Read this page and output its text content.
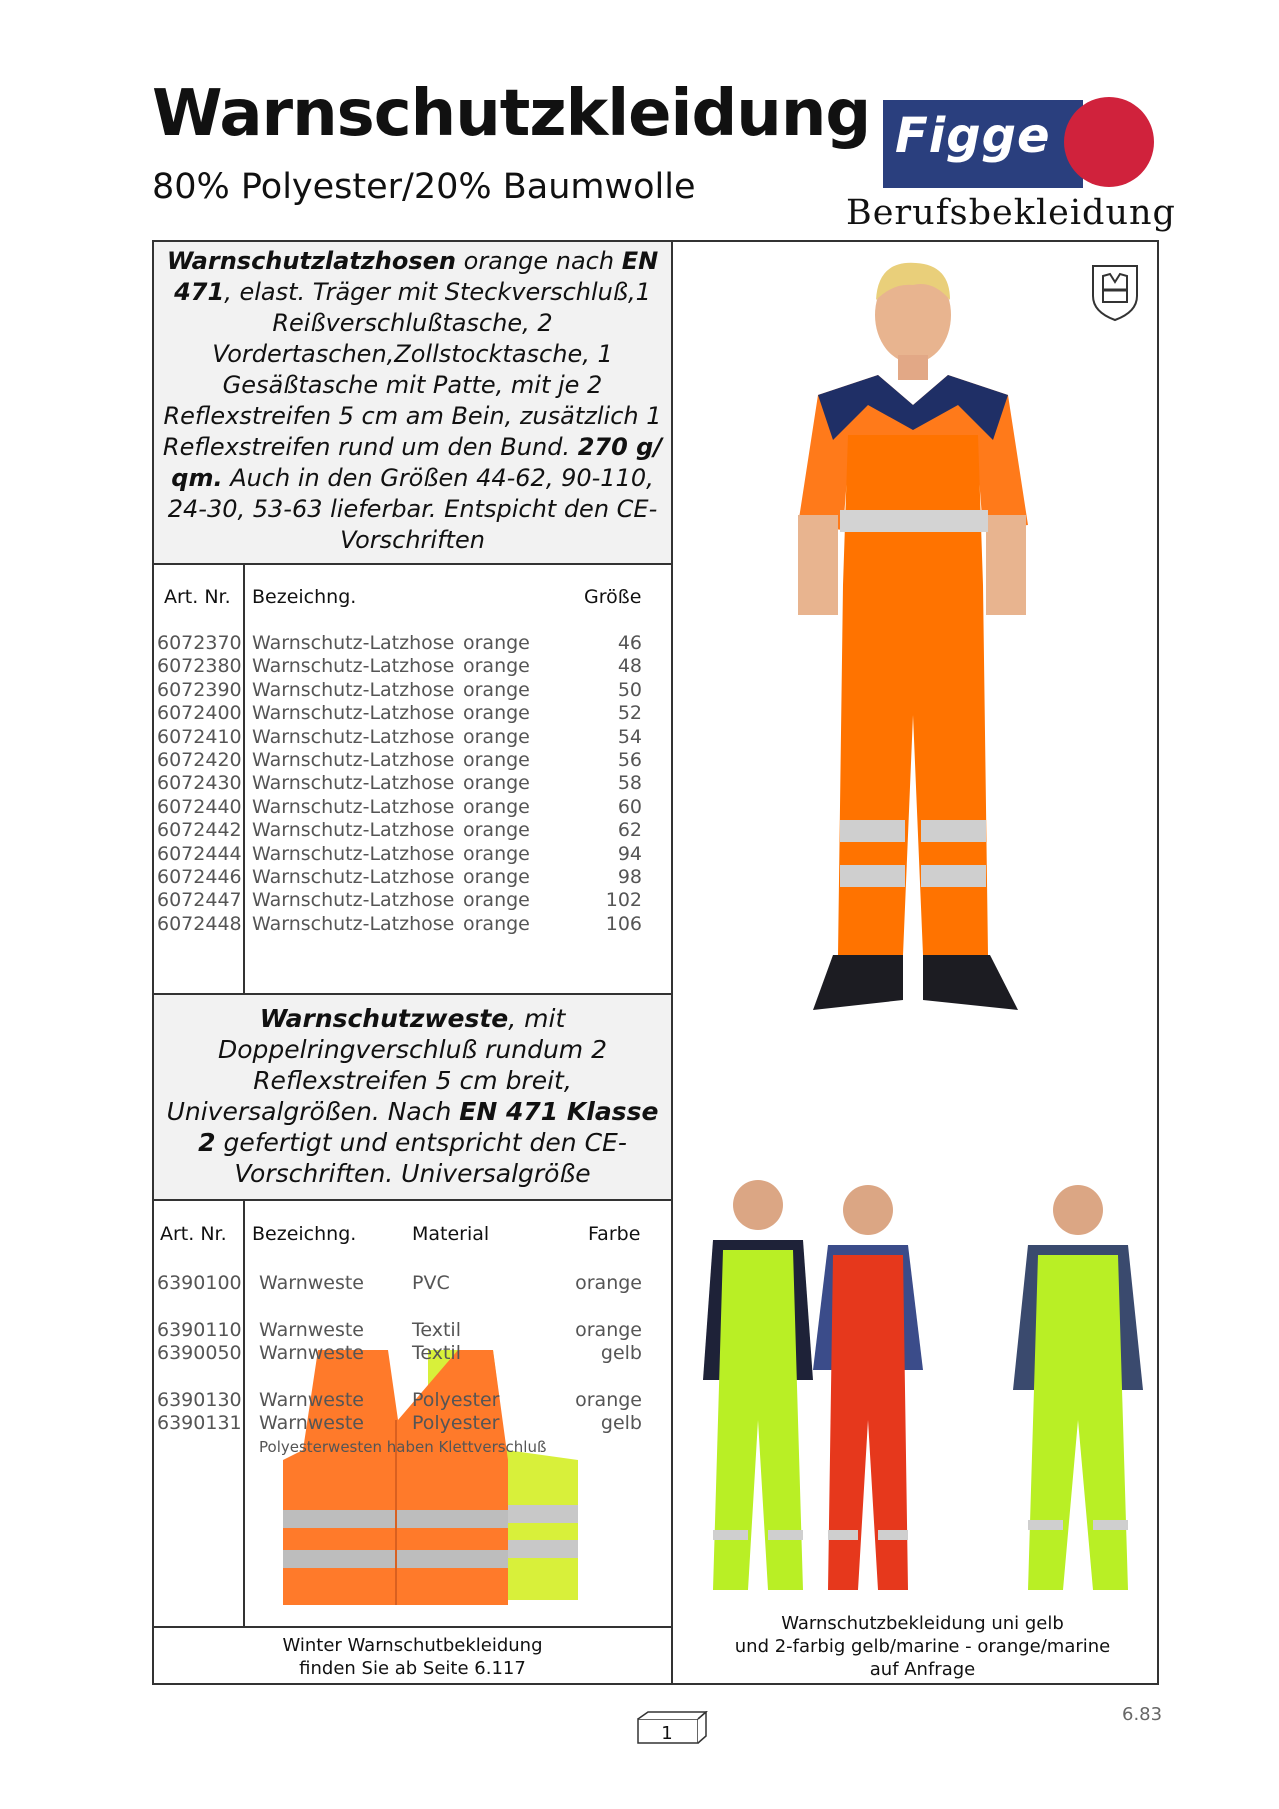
Warnschutzkleidung
80% Polyester/20% Baumwolle
Figge
Berufsbekleidung
Warnschutzlatzhosen orange nach EN 471, elast. Träger mit Steckverschluß,1 Reißverschlußtasche, 2 Vordertaschen,Zollstocktasche, 1 Gesäßtasche mit Patte, mit je 2 Reflexstreifen 5 cm am Bein, zusätzlich 1 Reflexstreifen rund um den Bund. 270 g/ qm. Auch in den Größen 44-62, 90-110, 24-30, 53-63 lieferbar. Entspicht den CE-Vorschriften
Art. Nr. Bezeichng.	Größe
6072370 Warnschutz-Latzhose orange	46
6072380 Warnschutz-Latzhose orange	48
6072390 Warnschutz-Latzhose orange	50
6072400 Warnschutz-Latzhose orange	52
6072410 Warnschutz-Latzhose orange	54
6072420 Warnschutz-Latzhose orange	56
6072430 Warnschutz-Latzhose orange	58
6072440 Warnschutz-Latzhose orange	60
6072442 Warnschutz-Latzhose orange	62
6072444 Warnschutz-Latzhose orange	94
6072446 Warnschutz-Latzhose orange	98
6072447 Warnschutz-Latzhose orange	102
6072448 Warnschutz-Latzhose orange	106
Warnschutzweste, mit Doppelringverschluß rundum 2 Reflexstreifen 5 cm breit, Universalgrößen. Nach EN 471 Klasse 2 gefertigt und entspricht den CE-Vorschriften. Universalgröße
Art. Nr. Bezeichng.	Material	Farbe
6390100 Warnweste	PVC	orange
6390110 Warnweste	Textil	orange
6390050 Warnweste	Textil	gelb
6390130 Warnweste	Polyester	orange
6390131 Warnweste	Polyester	gelb
Polyesterwesten haben Klettverschluß
Winter Warnschutbekleidung
finden Sie ab Seite 6.117
Warnschutzbekleidung uni gelb
und 2-farbig gelb/marine - orange/marine
auf Anfrage
1
6.83
